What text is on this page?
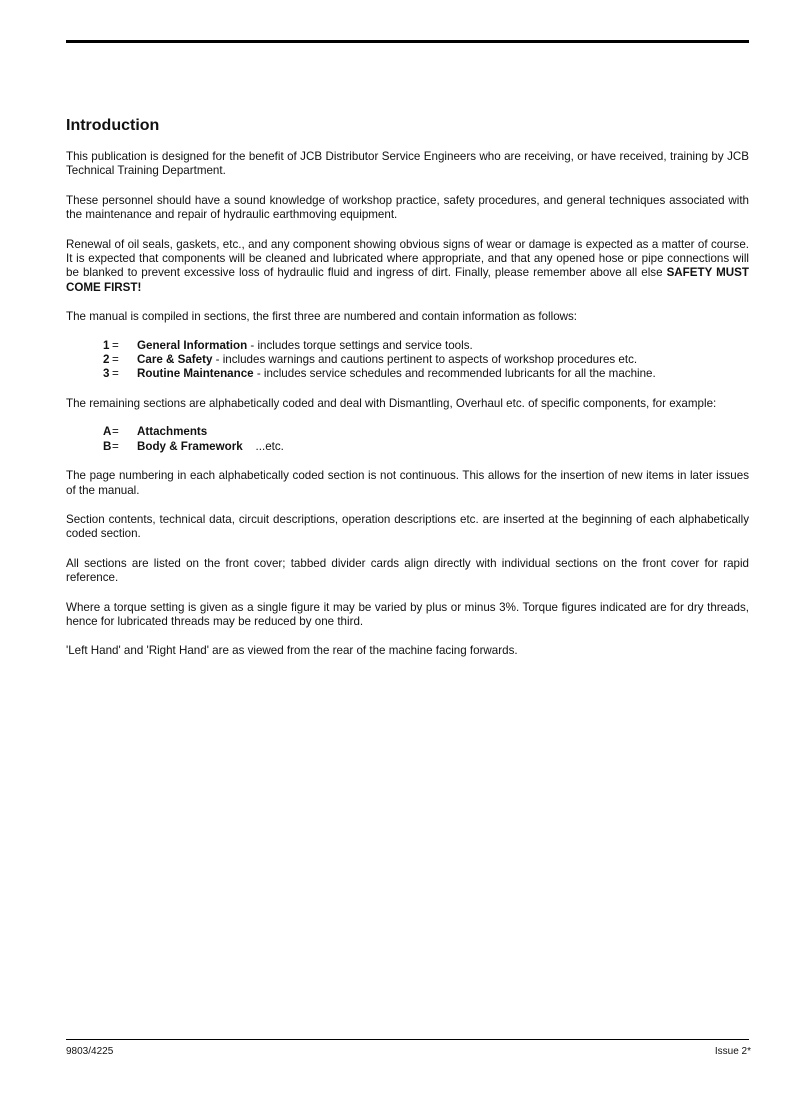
Introduction

This publication is designed for the benefit of JCB Distributor Service Engineers who are receiving, or have received, training by JCB Technical Training Department.

These personnel should have a sound knowledge of workshop practice, safety procedures, and general techniques associated with the maintenance and repair of hydraulic earthmoving equipment.

Renewal of oil seals, gaskets, etc., and any component showing obvious signs of wear or damage is expected as a matter of course. It is expected that components will be cleaned and lubricated where appropriate, and that any opened hose or pipe connections will be blanked to prevent excessive loss of hydraulic fluid and ingress of dirt. Finally, please remember above all else SAFETY MUST COME FIRST!

The manual is compiled in sections, the first three are numbered and contain information as follows:

1 =	General Information - includes torque settings and service tools.
2 =	Care & Safety - includes warnings and cautions pertinent to aspects of workshop procedures etc.
3 =	Routine Maintenance - includes service schedules and recommended lubricants for all the machine.

The remaining sections are alphabetically coded and deal with Dismantling, Overhaul etc. of specific components, for example:

A =	Attachments
B =	Body & Framework    ...etc.

The page numbering in each alphabetically coded section is not continuous. This allows for the insertion of new items in later issues of the manual.

Section contents, technical data, circuit descriptions, operation descriptions etc. are inserted at the beginning of each alphabetically coded section.

All sections are listed on the front cover; tabbed divider cards align directly with individual sections on the front cover for rapid reference.

Where a torque setting is given as a single figure it may be varied by plus or minus 3%. Torque figures indicated are for dry threads, hence for lubricated threads may be reduced by one third.

'Left Hand' and 'Right Hand' are as viewed from the rear of the machine facing forwards.

9803/4225	Issue 2*
